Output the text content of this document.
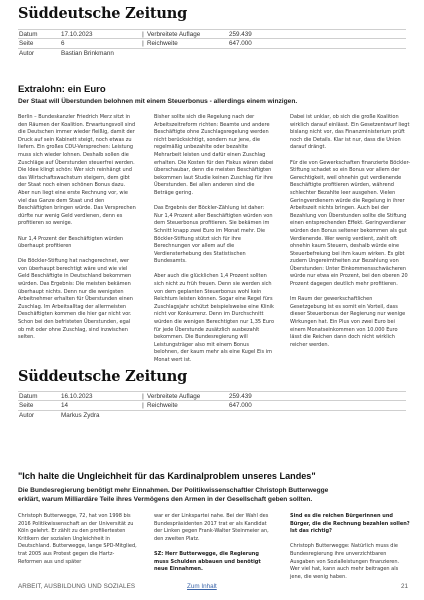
Süddeutsche Zeitung
Datum	17.10.2023	| Verbreitete Auflage	259.439
Seite	6	| Reichweite	647.000
Autor	Bastian Brinkmann
Extralohn: ein Euro
Der Staat will Überstunden belohnen mit einem Steuerbonus - allerdings einem winzigen.

Berlin – Bundeskanzler Friedrich Merz sitzt in den Räumen der Koalition. Erwartungsvoll sind die Deutschen immer wieder fleißig, damit der Druck auf sein Kabinett steigt, noch etwas zu liefern. Ein großes CDU-Versprechen: Leistung muss sich wieder lohnen. Deshalb sollen die Zuschläge auf Überstunden steuerfrei werden. Die Idee klingt schön: Wer sich reinhängt und das Wirtschaftswachstum steigern, dem gibt der Staat noch einen schönen Bonus dazu. Aber nun liegt eine erste Rechnung vor, wie viel das Ganze dem Staat und den Beschäftigten bringen würde. Das Versprechen dürfte nur wenig Geld verdienen, denn es profitieren so wenige.

Nur 1,4 Prozent der Beschäftigten würden überhaupt profitieren

Die Böckler-Stiftung hat nachgerechnet, wer von überhaupt berechtigt wäre und wie viel Geld Beschäftigte in Deutschland bekommen würden. Das Ergebnis: Die meisten bekämen überhaupt nichts. Denn nur die wenigsten Arbeitnehmer erhalten für Überstunden einen Zuschlag. Im Arbeitsalltag der allermeisten Deschäftigten kommen die hier gar nicht vor. Schon bei den befristeten Überstunden, egal ob mit oder ohne Zuschlag, sind inzwischen selten.

Bisher sollte sich die Regelung nach der Arbeitszeitreform richten: Beamte und andere Beschäftigte ohne Zuschlagsregelung werden nicht berücksichtigt, sondern nur jene, die regelmäßig unbezahlte oder bezahlte Mehrarbeit leisten und dafür einen Zuschlag erhalten. Die Kosten für den Fiskus wären dabei überschaubar, denn die meisten Beschäftigten bekommen laut Studie keinen Zuschlag für ihre Überstunden. Bei allen anderen sind die Beträge gering.

Das Ergebnis der Böckler-Zählung ist daher: Nur 1,4 Prozent aller Beschäftigten würden von dem Steuerbonus profitieren. Sie bekämen im Schnitt knapp zwei Euro im Monat mehr. Die Böckler-Stiftung stützt sich für ihre Berechnungen vor allem auf die Verdiensterhebung des Statistischen Bundesamts.

Aber auch die glücklichen 1,4 Prozent sollten sich nicht zu früh freuen. Denn sie werden sich von dem geplanten Steuerbonus wohl kein Reichtum leisten können. Sogar eine Regel fürs Zuschlagsjahr schützt beispielsweise eine Klinik nicht vor Konkurrenz. Denn im Durchschnitt würden die wenigen Berechtigten nur 1,35 Euro für jede Überstunde zusätzlich ausbezahlt bekommen. Die Bundesregierung will Leistungsträger also mit einem Bonus belohnen, der kaum mehr als eine Kugel Eis im Monat wert ist.

Dabei ist unklar, ob sich die große Koalition wirklich darauf einlässt. Ein Gesetzentwurf liegt bislang nicht vor, das Finanzministerium prüft noch die Details. Klar ist nur, dass die Union darauf drängt.

Für die von Gewerkschaften finanzierte Böckler-Stiftung schadet so ein Bonus vor allem der Gerechtigkeit, weil ohnehin gut verdienende Beschäftigte profitieren würden, während schlechter Bezahlte leer ausgehen. Vielen Geringverdienern würde die Regelung in ihrer Arbeitszeit nichts bringen. Auch bei der Bezahlung von Überstunden sollte die Stiftung einen entsprechenden Effekt. Geringverdiener würden den Bonus seltener bekommen als gut Verdienende. Wer wenig verdient, zahlt oft ohnehin kaum Steuern, deshalb würde eine Steuerbefreiung bei ihm kaum wirken. Es gibt zudem Ungereimtheiten zur Bezahlung von Überstunden: Unter Einkommensschwächeren würde nur etwa ein Prozent, bei den oberen 20 Prozent dagegen deutlich mehr profitieren.

Im Raum der gewerkschaftlichen Gesetzgebung ist es somit ein Vorteil, dass dieser Steuerbonus der Regierung nur wenige Wirkungen hat. Ein Plus von zwei Euro bei einem Monatseinkommen von 10.000 Euro lässt die Reichen dann doch nicht wirklich reicher werden.

Süddeutsche Zeitung
Datum	16.10.2023	| Verbreitete Auflage	259.439
Seite	14	| Reichweite	647.000
Autor	Markus Zydra
"Ich halte die Ungleichheit für das Kardinalproblem unseres Landes"
Die Bundesregierung benötigt mehr Einnahmen. Der Politikwissenschaftler Christoph Butterwegge
erklärt, warum Milliardäre Teile ihres Vermögens den Armen in der Gesellschaft geben sollten.

Christoph Butterwegge, 72, hat von 1998 bis 2016 Politikwissenschaft an der Universität zu Köln gelehrt. Er zählt zu den profiliertesten Kritikern der sozialen Ungleichheit in Deutschland. Butterwegge, lange SPD-Mitglied, trat 2005 aus Protest gegen die Hartz-Reformen aus und später

war er der Linkspartei nahe. Bei der Wahl des Bundespräsidenten 2017 trat er als Kandidat der Linken gegen Frank-Walter Steinmeier an, den zweiten Platz.

SZ: Herr Butterwegge, die Regierung muss Schulden abbauen und benötigt neue Einnahmen.

Sind es die reichen Bürgerinnen und Bürger, die die Rechnung bezahlen sollen? Ist das richtig?

Christoph Butterwegge: Natürlich muss die Bundesregierung ihre unverzichtbaren Ausgaben von Sozialleistungen finanzieren. Wer viel hat, kann auch mehr beitragen als jene, die wenig haben.

ARBEIT, AUSBILDUNG UND SOZIALES	Zum Inhalt	21
